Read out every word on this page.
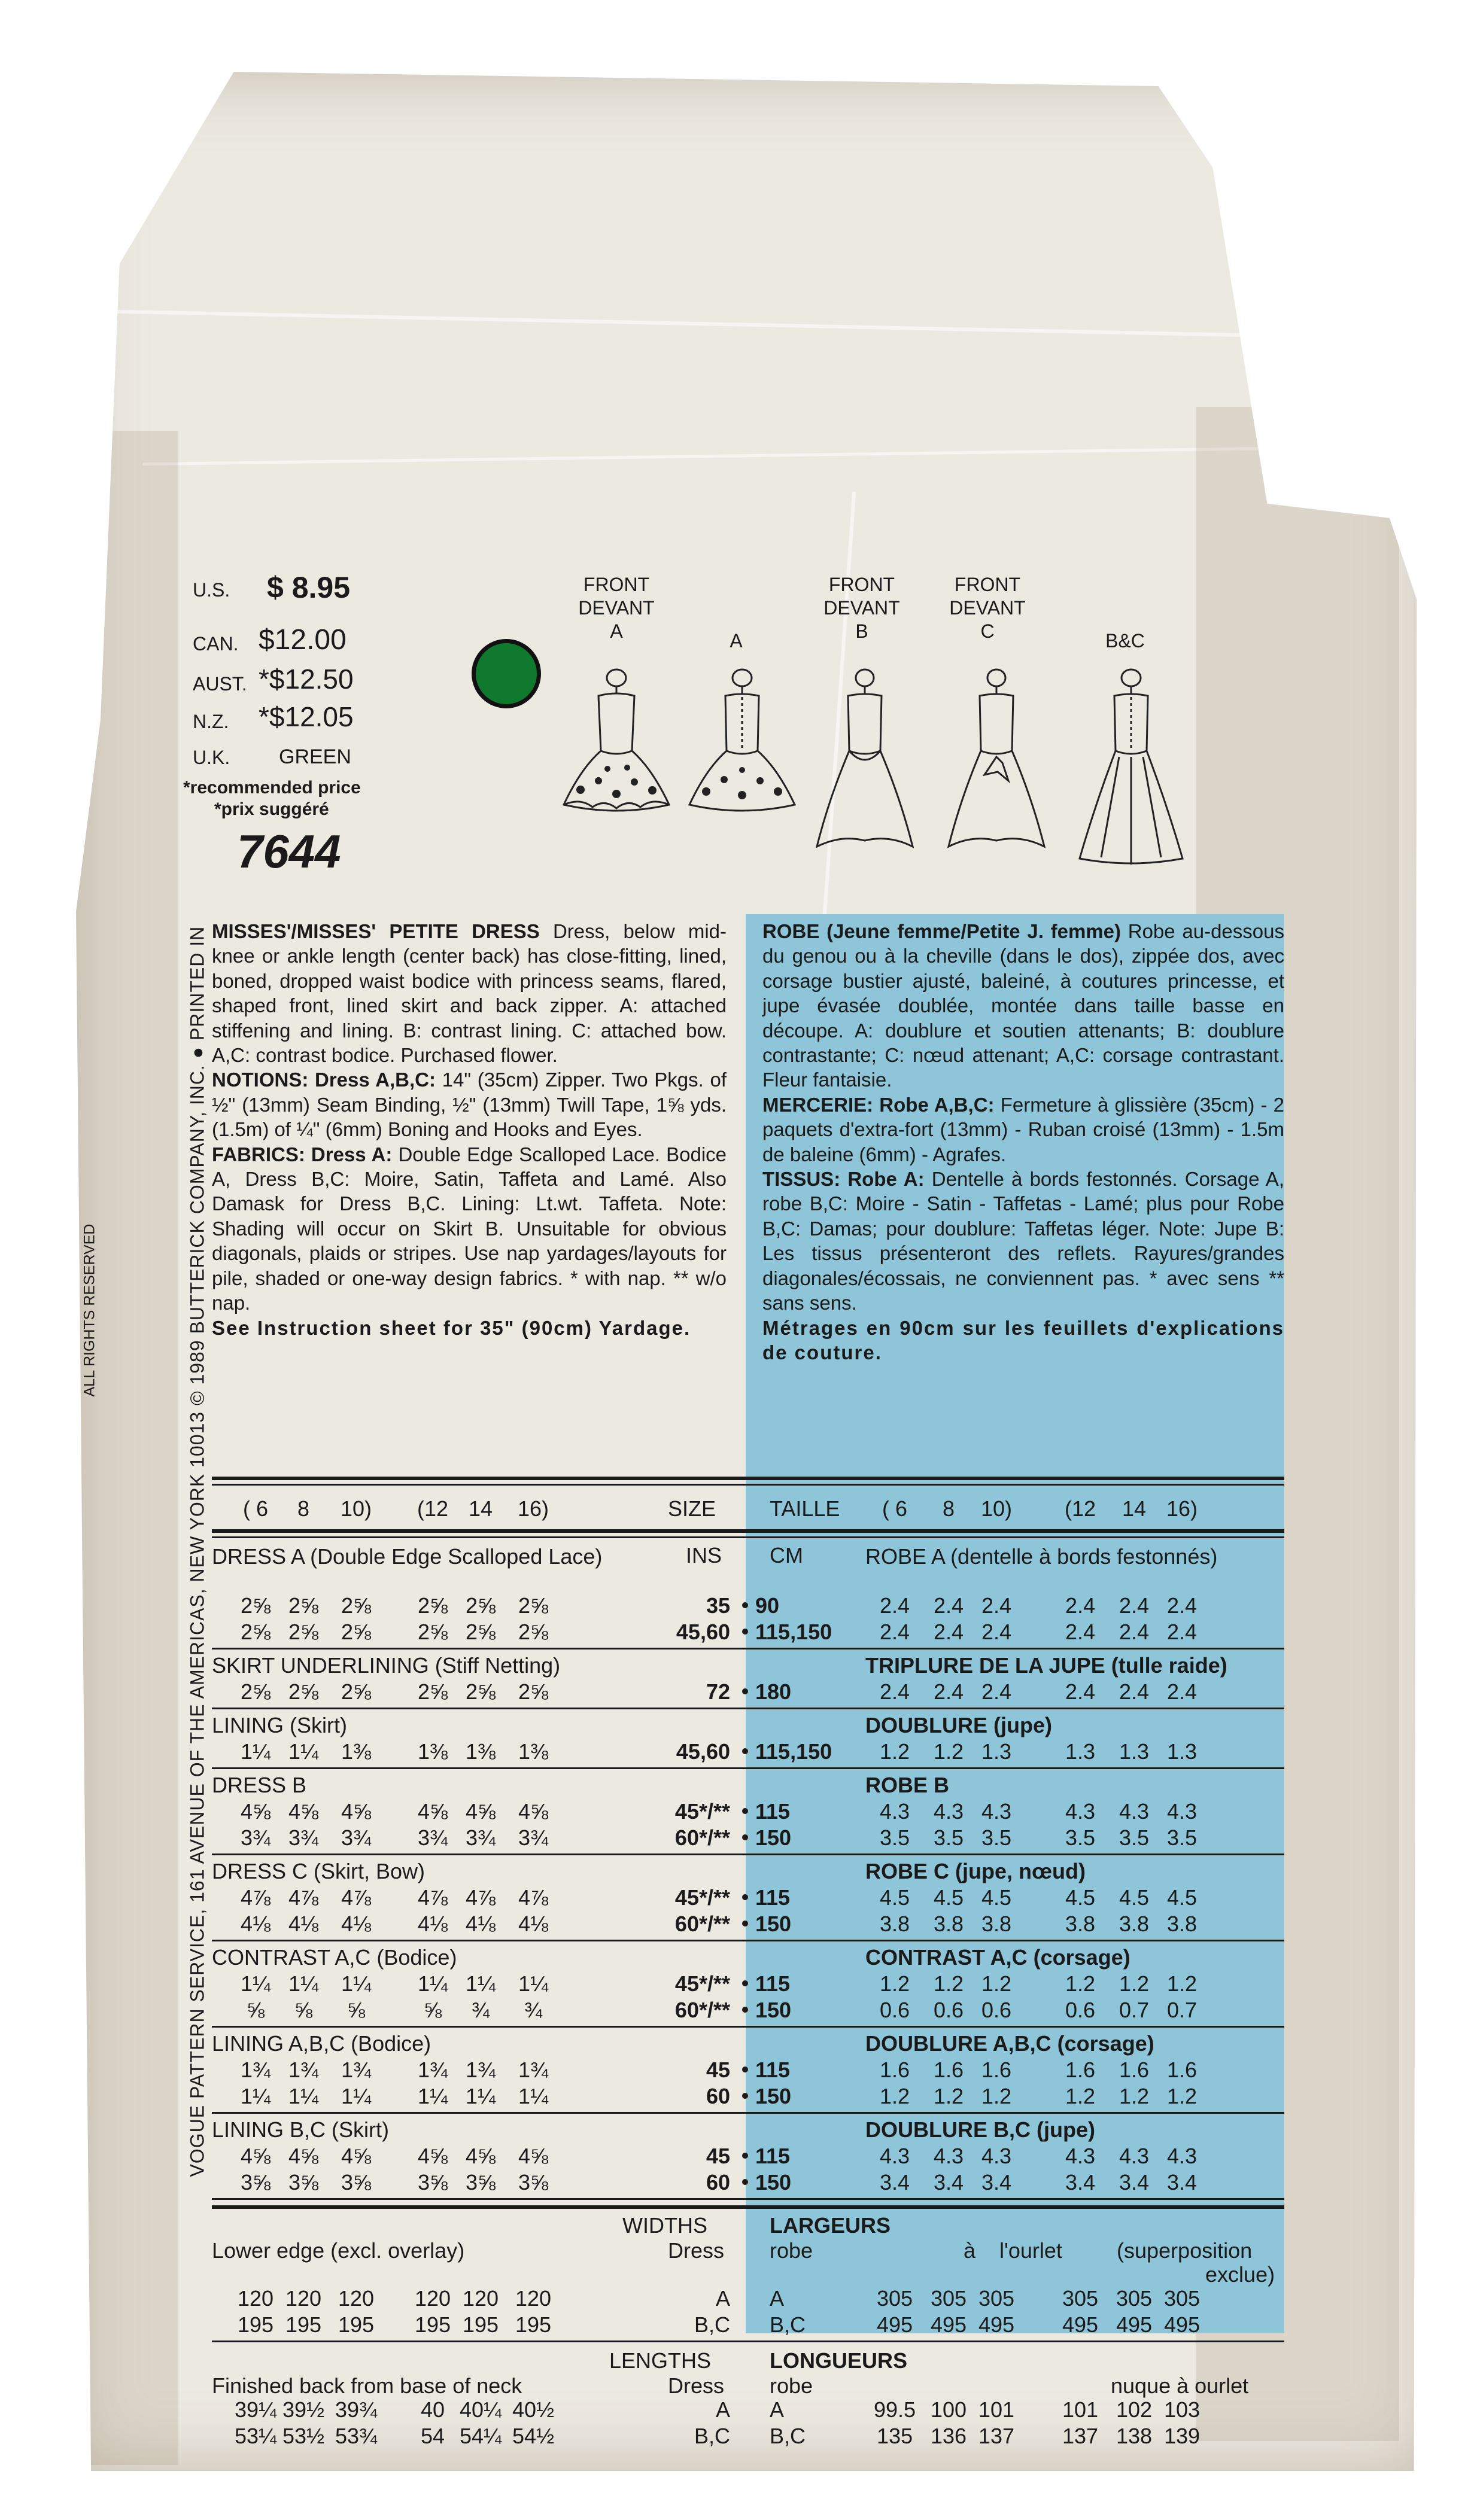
VOGUE PATTERN SERVICE, 161 AVENUE OF THE AMERICAS, NEW YORK 10013 © 1989 BUTTERICK COMPANY, INC. ● PRINTED IN
ALL RIGHTS RESERVED
U.S. $ 8.95
CAN. $12.00
AUST. *$12.50
N.Z. *$12.05
U.K. GREEN
*recommended price
*prix suggéré
7644
FRONT
DEVANT
A	A
FRONT
DEVANT
B
FRONT
DEVANT
C	B&C

MISSES'/MISSES' PETITE DRESS Dress, below mid-knee or ankle length (center back) has close-fitting, lined, boned, dropped waist bodice with princess seams, flared, shaped front, lined skirt and back zipper. A: attached stiffening and lining. B: contrast lining. C: attached bow. A,C: contrast bodice. Purchased flower.

NOTIONS: Dress A,B,C: 14" (35cm) Zipper. Two Pkgs. of ½" (13mm) Seam Binding, ½" (13mm) Twill Tape, 1⅝ yds. (1.5m) of ¼" (6mm) Boning and Hooks and Eyes.

FABRICS: Dress A: Double Edge Scalloped Lace. Bodice A, Dress B,C: Moire, Satin, Taffeta and Lamé. Also Damask for Dress B,C. Lining: Lt.wt. Taffeta. Note: Shading will occur on Skirt B. Unsuitable for obvious diagonals, plaids or stripes. Use nap yardages/layouts for pile, shaded or one-way design fabrics. * with nap. ** w/o nap.

See Instruction sheet for 35" (90cm) Yardage.

ROBE (Jeune femme/Petite J. femme) Robe au-dessous du genou ou à la cheville (dans le dos), zippée dos, avec corsage bustier ajusté, baleiné, à coutures princesse, et jupe évasée doublée, montée dans taille basse en découpe. A: doublure et soutien attenants; B: doublure contrastante; C: nœud attenant; A,C: corsage contrastant. Fleur fantaisie.

MERCERIE: Robe A,B,C: Fermeture à glissière (35cm) - 2 paquets d'extra-fort (13mm) - Ruban croisé (13mm) - 1.5m de baleine (6mm) - Agrafes.

TISSUS: Robe A: Dentelle à bords festonnés. Corsage A, robe B,C: Moire - Satin - Taffetas - Lamé; plus pour Robe B,C: Damas; pour doublure: Taffetas léger. Note: Jupe B: Les tissus présenteront des reflets. Rayures/grandes diagonales/écossais, ne conviennent pas. * avec sens ** sans sens.

Métrages en 90cm sur les feuillets d'explications de couture.

( 6	8	10)	(12 14	16)	SIZE TAILLE	( 6	8	10)	(12	14 16)
DRESS A (Double Edge Scalloped Lace)	INS CM	ROBE A (dentelle à bords festonnés)
2⅝ 2⅝	2⅝	2⅝ 2⅝	2⅝	35 90	2.4	2.4 2.4	2.4	2.4 2.4
2⅝ 2⅝	2⅝	2⅝ 2⅝	2⅝	45,60 115,150	2.4	2.4 2.4	2.4	2.4 2.4
SKIRT UNDERLINING (Stiff Netting)	TRIPLURE DE LA JUPE (tulle raide)
2⅝ 2⅝	2⅝	2⅝ 2⅝	2⅝	72 180	2.4	2.4 2.4	2.4	2.4 2.4
LINING (Skirt)	DOUBLURE (jupe)
1¼ 1¼	1⅜	1⅜ 1⅜	1⅜	45,60 115,150	1.2	1.2 1.3	1.3	1.3 1.3
DRESS B	ROBE B
4⅝ 4⅝	4⅝	4⅝ 4⅝	4⅝	45*/** 115	4.3	4.3 4.3	4.3	4.3 4.3
3¾ 3¾	3¾	3¾ 3¾	3¾	60*/** 150	3.5	3.5 3.5	3.5	3.5 3.5
DRESS C (Skirt, Bow)	ROBE C (jupe, nœud)
4⅞ 4⅞	4⅞	4⅞ 4⅞	4⅞	45*/** 115	4.5	4.5 4.5	4.5	4.5 4.5
4⅛ 4⅛	4⅛	4⅛ 4⅛	4⅛	60*/** 150	3.8	3.8 3.8	3.8	3.8 3.8
CONTRAST A,C (Bodice)	CONTRAST A,C (corsage)
1¼ 1¼	1¼	1¼ 1¼	1¼	45*/** 115	1.2	1.2 1.2	1.2	1.2 1.2
⅝	⅝	⅝	⅝	¾	¾	60*/** 150	0.6	0.6 0.6	0.6	0.7 0.7
LINING A,B,C (Bodice)	DOUBLURE A,B,C (corsage)
1¾ 1¾	1¾	1¾ 1¾	1¾	45 115	1.6	1.6 1.6	1.6	1.6 1.6
1¼ 1¼	1¼	1¼ 1¼	1¼	60 150	1.2	1.2 1.2	1.2	1.2 1.2
LINING B,C (Skirt)	DOUBLURE B,C (jupe)
4⅝ 4⅝	4⅝	4⅝ 4⅝	4⅝	45 115	4.3	4.3 4.3	4.3	4.3 4.3
3⅝ 3⅝	3⅝	3⅝ 3⅝	3⅝	60 150	3.4	3.4 3.4	3.4	3.4 3.4
WIDTHS	LARGEURS
Lower edge (excl. overlay)	Dress robe	à l'ourlet	(superposition
exclue)
120 120 120	120 120 120	A A	305 305 305	305 305 305
195 195 195	195 195 195	B,C B,C	495 495 495	495 495 495
LENGTHS	LONGUEURS
Finished back from base of neck	Dress robe	nuque à ourlet
39¼ 39½ 39¾	40 40¼ 40½	A A	99.5 100 101	101 102 103
53¼ 53½ 53¾	54 54¼ 54½	B,C B,C	135 136 137	137 138 139
